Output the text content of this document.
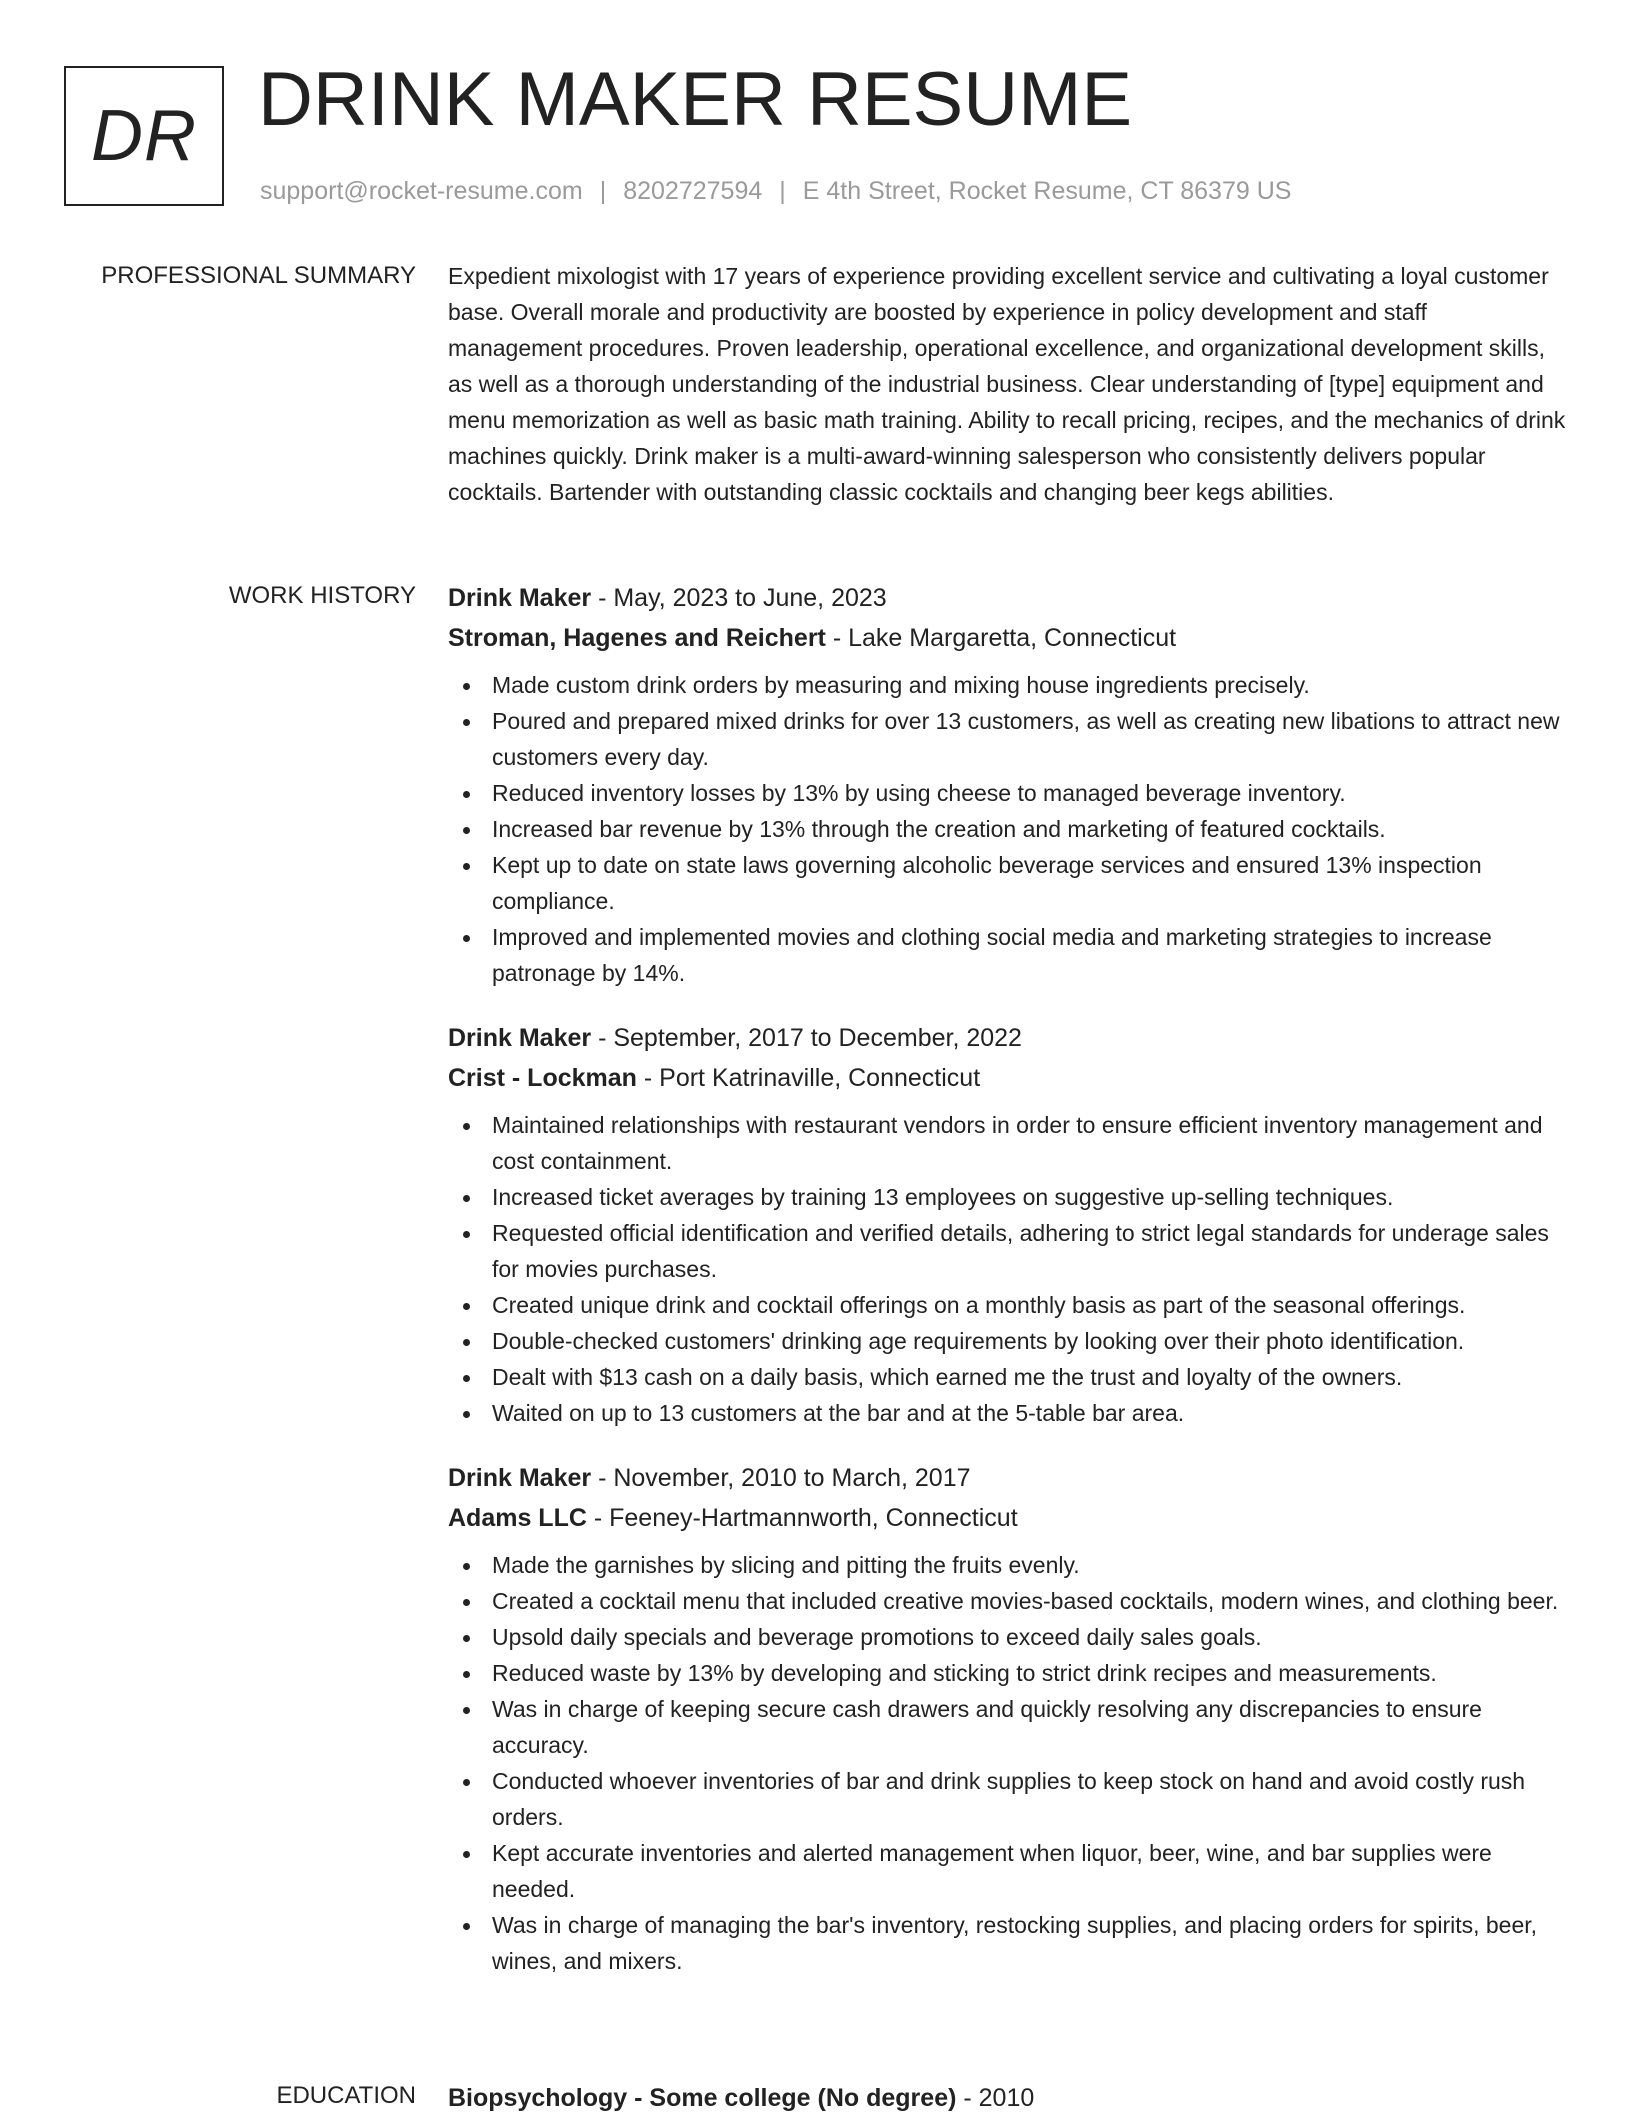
DR DRINK MAKER RESUME
support@rocket-resume.com | 8202727594 | E 4th Street, Rocket Resume, CT 86379 US
PROFESSIONAL SUMMARY Expedient mixologist with 17 years of experience providing excellent service and cultivating a loyal customer base. Overall morale and productivity are boosted by experience in policy development and staff management procedures. Proven leadership, operational excellence, and organizational development skills, as well as a thorough understanding of the industrial business. Clear understanding of [type] equipment and menu memorization as well as basic math training. Ability to recall pricing, recipes, and the mechanics of drink machines quickly. Drink maker is a multi-award-winning salesperson who consistently delivers popular cocktails. Bartender with outstanding classic cocktails and changing beer kegs abilities.

WORK HISTORY Drink Maker - May, 2023 to June, 2023

Stroman, Hagenes and Reichert - Lake Margaretta, Connecticut

Made custom drink orders by measuring and mixing house ingredients precisely.
Poured and prepared mixed drinks for over 13 customers, as well as creating new libations to attract new customers every day.
Reduced inventory losses by 13% by using cheese to managed beverage inventory.
Increased bar revenue by 13% through the creation and marketing of featured cocktails.
Kept up to date on state laws governing alcoholic beverage services and ensured 13% inspection compliance.
Improved and implemented movies and clothing social media and marketing strategies to increase patronage by 14%.

Drink Maker - September, 2017 to December, 2022

Crist - Lockman - Port Katrinaville, Connecticut

Maintained relationships with restaurant vendors in order to ensure efficient inventory management and cost containment.
Increased ticket averages by training 13 employees on suggestive up-selling techniques.
Requested official identification and verified details, adhering to strict legal standards for underage sales for movies purchases.
Created unique drink and cocktail offerings on a monthly basis as part of the seasonal offerings.
Double-checked customers' drinking age requirements by looking over their photo identification.
Dealt with $13 cash on a daily basis, which earned me the trust and loyalty of the owners.
Waited on up to 13 customers at the bar and at the 5-table bar area.

Drink Maker - November, 2010 to March, 2017

Adams LLC - Feeney-Hartmannworth, Connecticut

Made the garnishes by slicing and pitting the fruits evenly.
Created a cocktail menu that included creative movies-based cocktails, modern wines, and clothing beer.
Upsold daily specials and beverage promotions to exceed daily sales goals.
Reduced waste by 13% by developing and sticking to strict drink recipes and measurements.
Was in charge of keeping secure cash drawers and quickly resolving any discrepancies to ensure accuracy.
Conducted whoever inventories of bar and drink supplies to keep stock on hand and avoid costly rush orders.
Kept accurate inventories and alerted management when liquor, beer, wine, and bar supplies were needed.
Was in charge of managing the bar's inventory, restocking supplies, and placing orders for spirits, beer, wines, and mixers.
EDUCATION Biopsychology - Some college (No degree) - 2010
